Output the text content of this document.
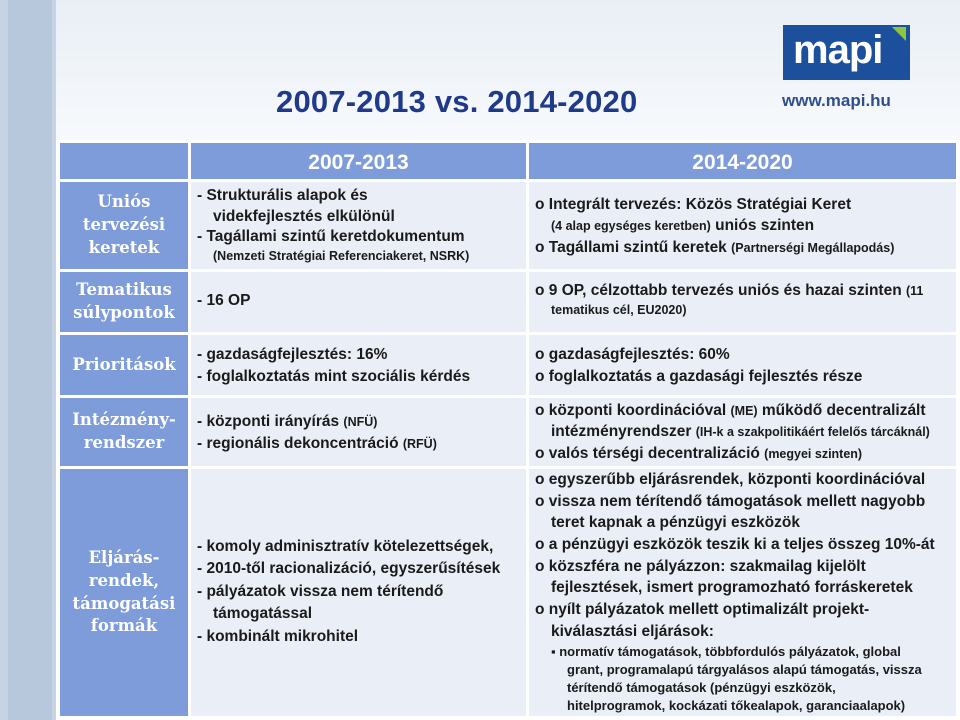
2007-2013 vs. 2014-2020
mapi
www.mapi.hu
2007-2013	2014-2020
Uniós
tervezési
keretek
- Strukturális alapok és
videkfejlesztés elkülönül
- Tagállami szintű keretdokumentum
(Nemzeti Stratégiai Referenciakeret, NSRK)
o Integrált tervezés: Közös Stratégiai Keret
(4 alap egységes keretben) uniós szinten
o Tagállami szintű keretek (Partnerségi Megállapodás)
Tematikus
súlypontok
- 16 OP
o 9 OP, célzottabb tervezés uniós és hazai szinten (11
tematikus cél, EU2020)
Prioritások
- gazdaságfejlesztés: 16%
- foglalkoztatás mint szociális kérdés
o gazdaságfejlesztés: 60%
o foglalkoztatás a gazdasági fejlesztés része
Intézmény-
rendszer
- központi irányírás (NFÜ)
- regionális dekoncentráció (RFÜ)
o központi koordinációval (ME) működő decentralizált
intézményrendszer (IH-k a szakpolitikáért felelős tárcáknál)
o valós térségi decentralizáció (megyei szinten)
Eljárás-
rendek,
támogatási
formák
- komoly adminisztratív kötelezettségek,
- 2010-től racionalizáció, egyszerűsítések
- pályázatok vissza nem térítendő
támogatással
- kombinált mikrohitel
o egyszerűbb eljárásrendek, központi koordinációval
o vissza nem térítendő támogatások mellett nagyobb
teret kapnak a pénzügyi eszközök
o a pénzügyi eszközök teszik ki a teljes összeg 10%-át
o közszféra ne pályázzon: szakmailag kijelölt
fejlesztések, ismert programozható forráskeretek
o nyílt pályázatok mellett optimalizált projekt-
kiválasztási eljárások:
▪ normatív támogatások, többfordulós pályázatok, global
grant, programalapú tárgyalásos alapú támogatás, vissza
térítendő támogatások (pénzügyi eszközök,
hitelprogramok, kockázati tőkealapok, garanciaalapok)
